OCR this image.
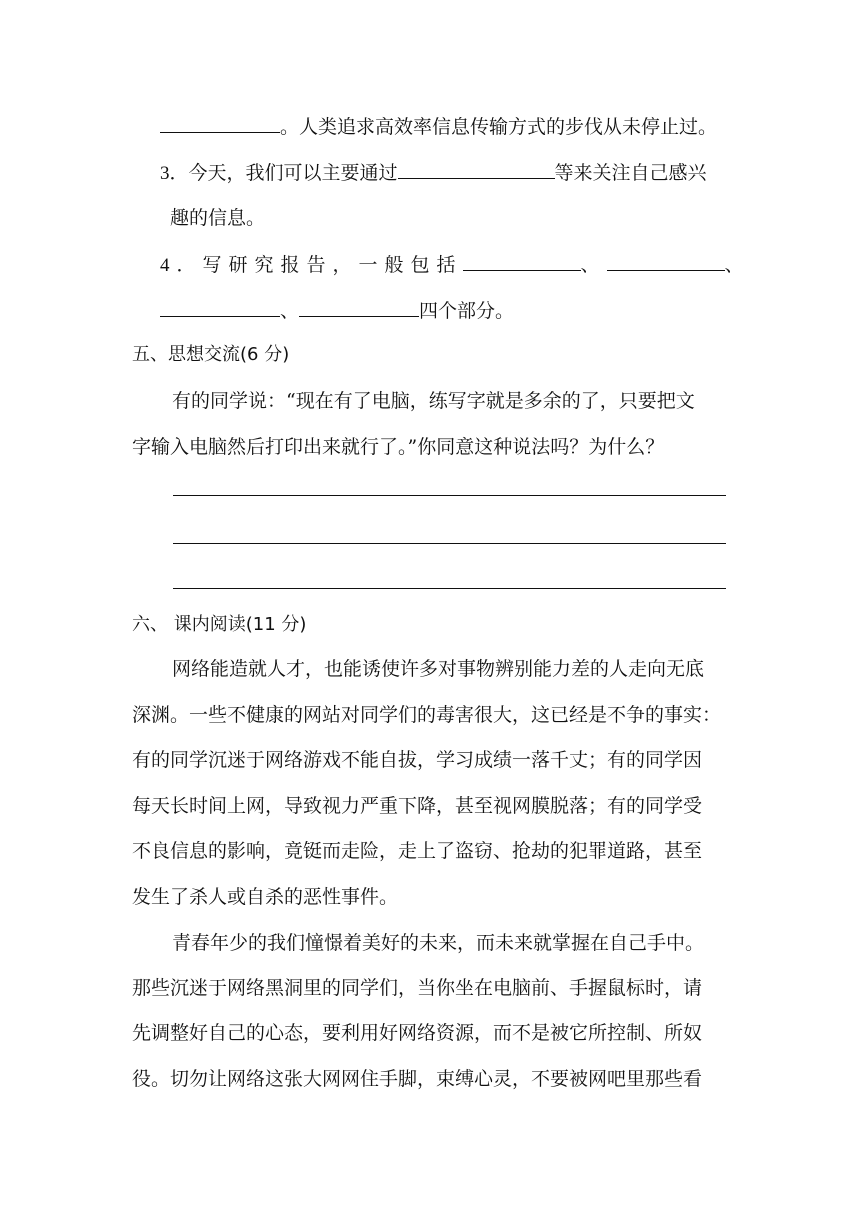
。人类追求高效率信息传输方式的步伐从未停止过。
3．今天，我们可以主要通过	等来关注自己感兴
趣的信息。
4．写研究报告，一般包括	、	、
、	四个部分。
五、思想交流(6 分)
有的同学说：“现在有了电脑，练写字就是多余的了，只要把文
字输入电脑然后打印出来就行了。”你同意这种说法吗？为什么？
六、 课内阅读(11 分)
网络能造就人才，也能诱使许多对事物辨别能力差的人走向无底
深渊。一些不健康的网站对同学们的毒害很大，这已经是不争的事实：
有的同学沉迷于网络游戏不能自拔，学习成绩一落千丈；有的同学因
每天长时间上网，导致视力严重下降，甚至视网膜脱落；有的同学受
不良信息的影响，竟铤而走险，走上了盗窃、抢劫的犯罪道路，甚至
发生了杀人或自杀的恶性事件。
青春年少的我们憧憬着美好的未来，而未来就掌握在自己手中。
那些沉迷于网络黑洞里的同学们，当你坐在电脑前、手握鼠标时，请
先调整好自己的心态，要利用好网络资源，而不是被它所控制、所奴
役。切勿让网络这张大网网住手脚，束缚心灵，不要被网吧里那些看
